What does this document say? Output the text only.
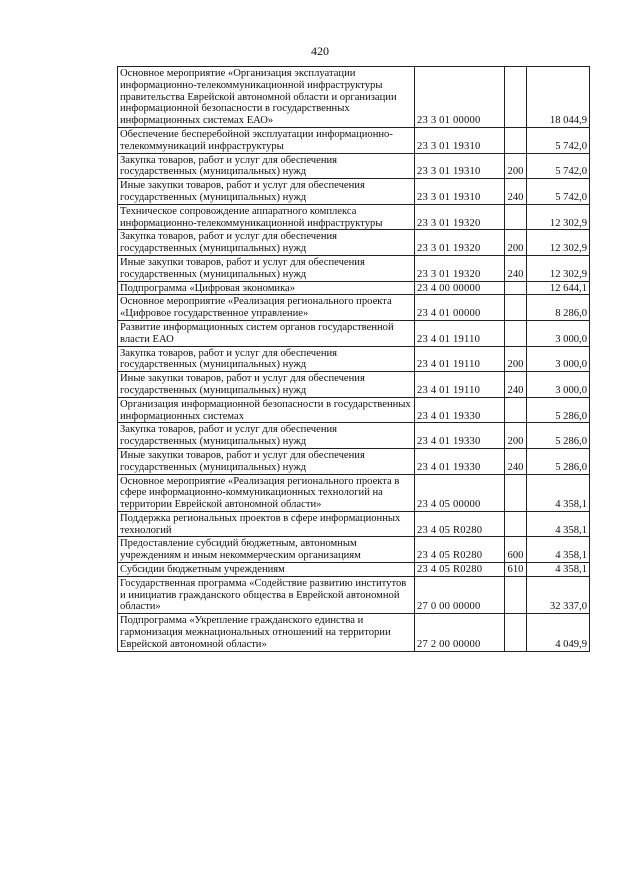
420
Основное мероприятие «Организация эксплуатации информационно-телекоммуникационной инфраструктуры правительства Еврейской автономной области и организации информационной безопасности в государственных информационных системах ЕАО»	23 3 01 00000		18 044,9
Обеспечение бесперебойной эксплуатации информационно-телекоммуникаций инфраструктуры	23 3 01 19310		5 742,0
Закупка товаров, работ и услуг для обеспечения государственных (муниципальных) нужд	23 3 01 19310	200	5 742,0
Иные закупки товаров, работ и услуг для обеспечения государственных (муниципальных) нужд	23 3 01 19310	240	5 742,0
Техническое сопровождение аппаратного комплекса информационно-телекоммуникационной инфраструктуры	23 3 01 19320		12 302,9
Закупка товаров, работ и услуг для обеспечения государственных (муниципальных) нужд	23 3 01 19320	200	12 302,9
Иные закупки товаров, работ и услуг для обеспечения государственных (муниципальных) нужд	23 3 01 19320	240	12 302,9
Подпрограмма «Цифровая экономика»	23 4 00 00000		12 644,1
Основное мероприятие «Реализация регионального проекта «Цифровое государственное управление»	23 4 01 00000		8 286,0
Развитие информационных систем органов государственной власти ЕАО	23 4 01 19110		3 000,0
Закупка товаров, работ и услуг для обеспечения государственных (муниципальных) нужд	23 4 01 19110	200	3 000,0
Иные закупки товаров, работ и услуг для обеспечения государственных (муниципальных) нужд	23 4 01 19110	240	3 000,0
Организация информационной безопасности в государственных информационных системах	23 4 01 19330		5 286,0
Закупка товаров, работ и услуг для обеспечения государственных (муниципальных) нужд	23 4 01 19330	200	5 286,0
Иные закупки товаров, работ и услуг для обеспечения государственных (муниципальных) нужд	23 4 01 19330	240	5 286,0
Основное мероприятие «Реализация регионального проекта в сфере информационно-коммуникационных технологий на территории Еврейской автономной области»	23 4 05 00000		4 358,1
Поддержка региональных проектов в сфере информационных технологий	23 4 05 R0280		4 358,1
Предоставление субсидий бюджетным, автономным учреждениям и иным некоммерческим организациям	23 4 05 R0280	600	4 358,1
Субсидии бюджетным учреждениям	23 4 05 R0280	610	4 358,1
Государственная программа «Содействие развитию институтов и инициатив гражданского общества в Еврейской автономной области»	27 0 00 00000		32 337,0
Подпрограмма «Укрепление гражданского единства и гармонизация межнациональных отношений на территории Еврейской автономной области»	27 2 00 00000		4 049,9
